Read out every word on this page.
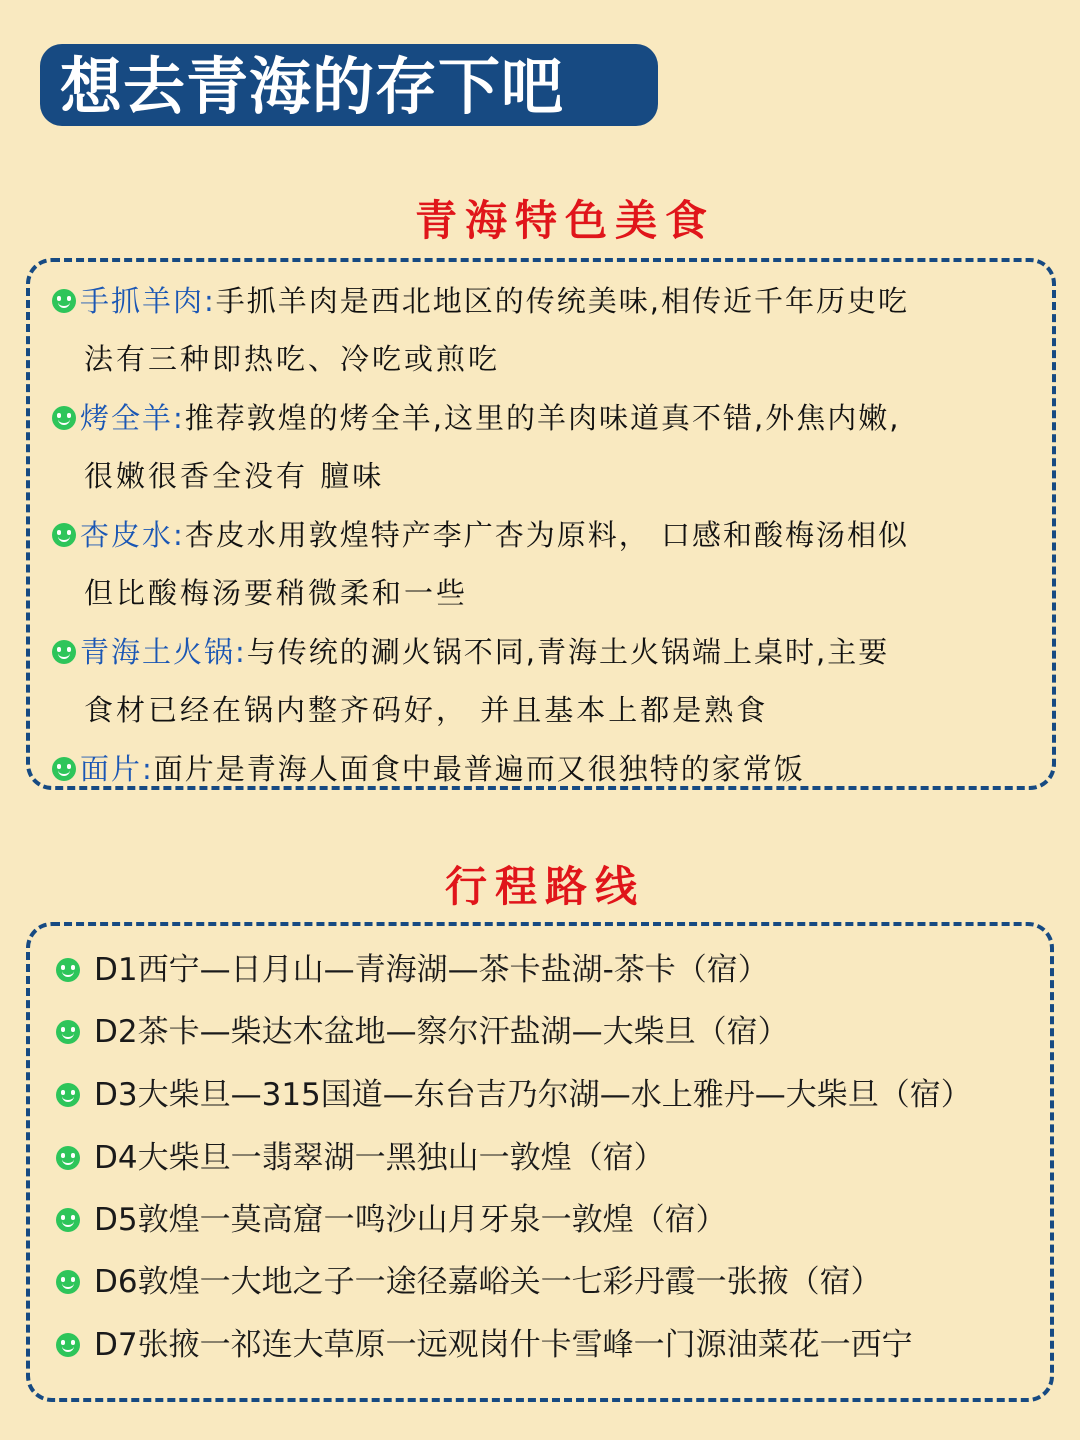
想去青海的存下吧
青海特色美食
手抓羊肉:手抓羊肉是西北地区的传统美味,相传近千年历史吃
法有三种即热吃、冷吃或煎吃
烤全羊:推荐敦煌的烤全羊,这里的羊肉味道真不错,外焦内嫩,
很嫩很香全没有 膻味
杏皮水:杏皮水用敦煌特产李广杏为原料， 口感和酸梅汤相似
但比酸梅汤要稍微柔和一些
青海土火锅:与传统的涮火锅不同,青海土火锅端上桌时,主要
食材已经在锅内整齐码好， 并且基本上都是熟食
面片:面片是青海人面食中最普遍而又很独特的家常饭
行程路线
D1西宁—日月山—青海湖—茶卡盐湖-茶卡（宿）
D2茶卡—柴达木盆地—察尔汗盐湖—大柴旦（宿）
D3大柴旦—315国道—东台吉乃尔湖—水上雅丹—大柴旦（宿）
D4大柴旦一翡翠湖一黑独山一敦煌（宿）
D5敦煌一莫高窟一鸣沙山月牙泉一敦煌（宿）
D6敦煌一大地之子一途径嘉峪关一七彩丹霞一张掖（宿）
D7张掖一祁连大草原一远观岗什卡雪峰一门源油菜花一西宁
